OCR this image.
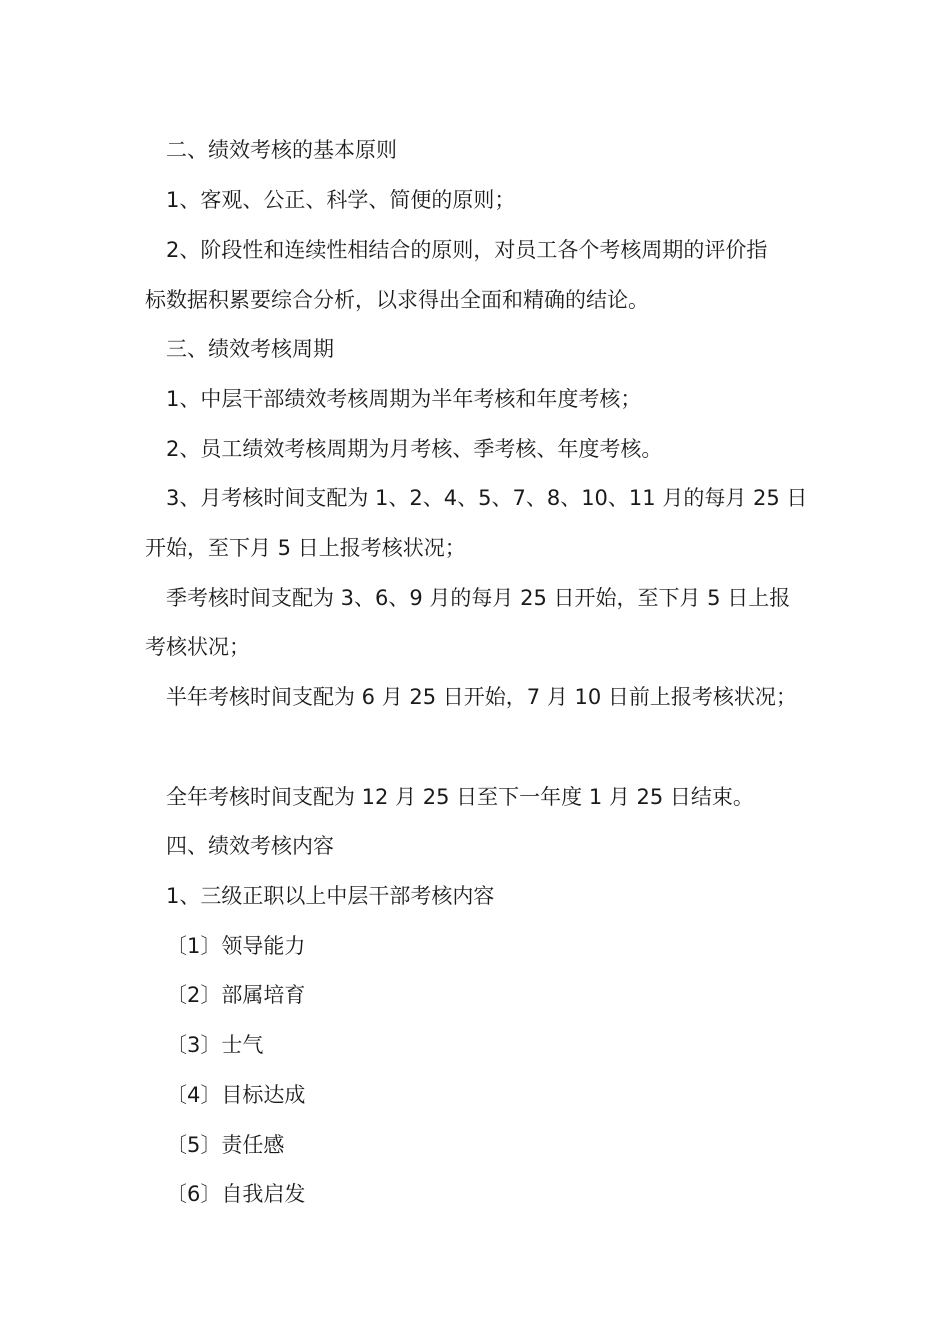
二、绩效考核的基本原则
1、客观、公正、科学、简便的原则；
2、阶段性和连续性相结合的原则，对员工各个考核周期的评价指
标数据积累要综合分析，以求得出全面和精确的结论。
三、绩效考核周期
1、中层干部绩效考核周期为半年考核和年度考核；
2、员工绩效考核周期为月考核、季考核、年度考核。
3、月考核时间支配为 1、2、4、5、7、8、10、11 月的每月 25 日
开始，至下月 5 日上报考核状况；
季考核时间支配为 3、6、9 月的每月 25 日开始，至下月 5 日上报
考核状况；
半年考核时间支配为 6 月 25 日开始，7 月 10 日前上报考核状况；
全年考核时间支配为 12 月 25 日至下一年度 1 月 25 日结束。
四、绩效考核内容
1、三级正职以上中层干部考核内容
〔1〕领导能力
〔2〕部属培育
〔3〕士气
〔4〕目标达成
〔5〕责任感
〔6〕自我启发
